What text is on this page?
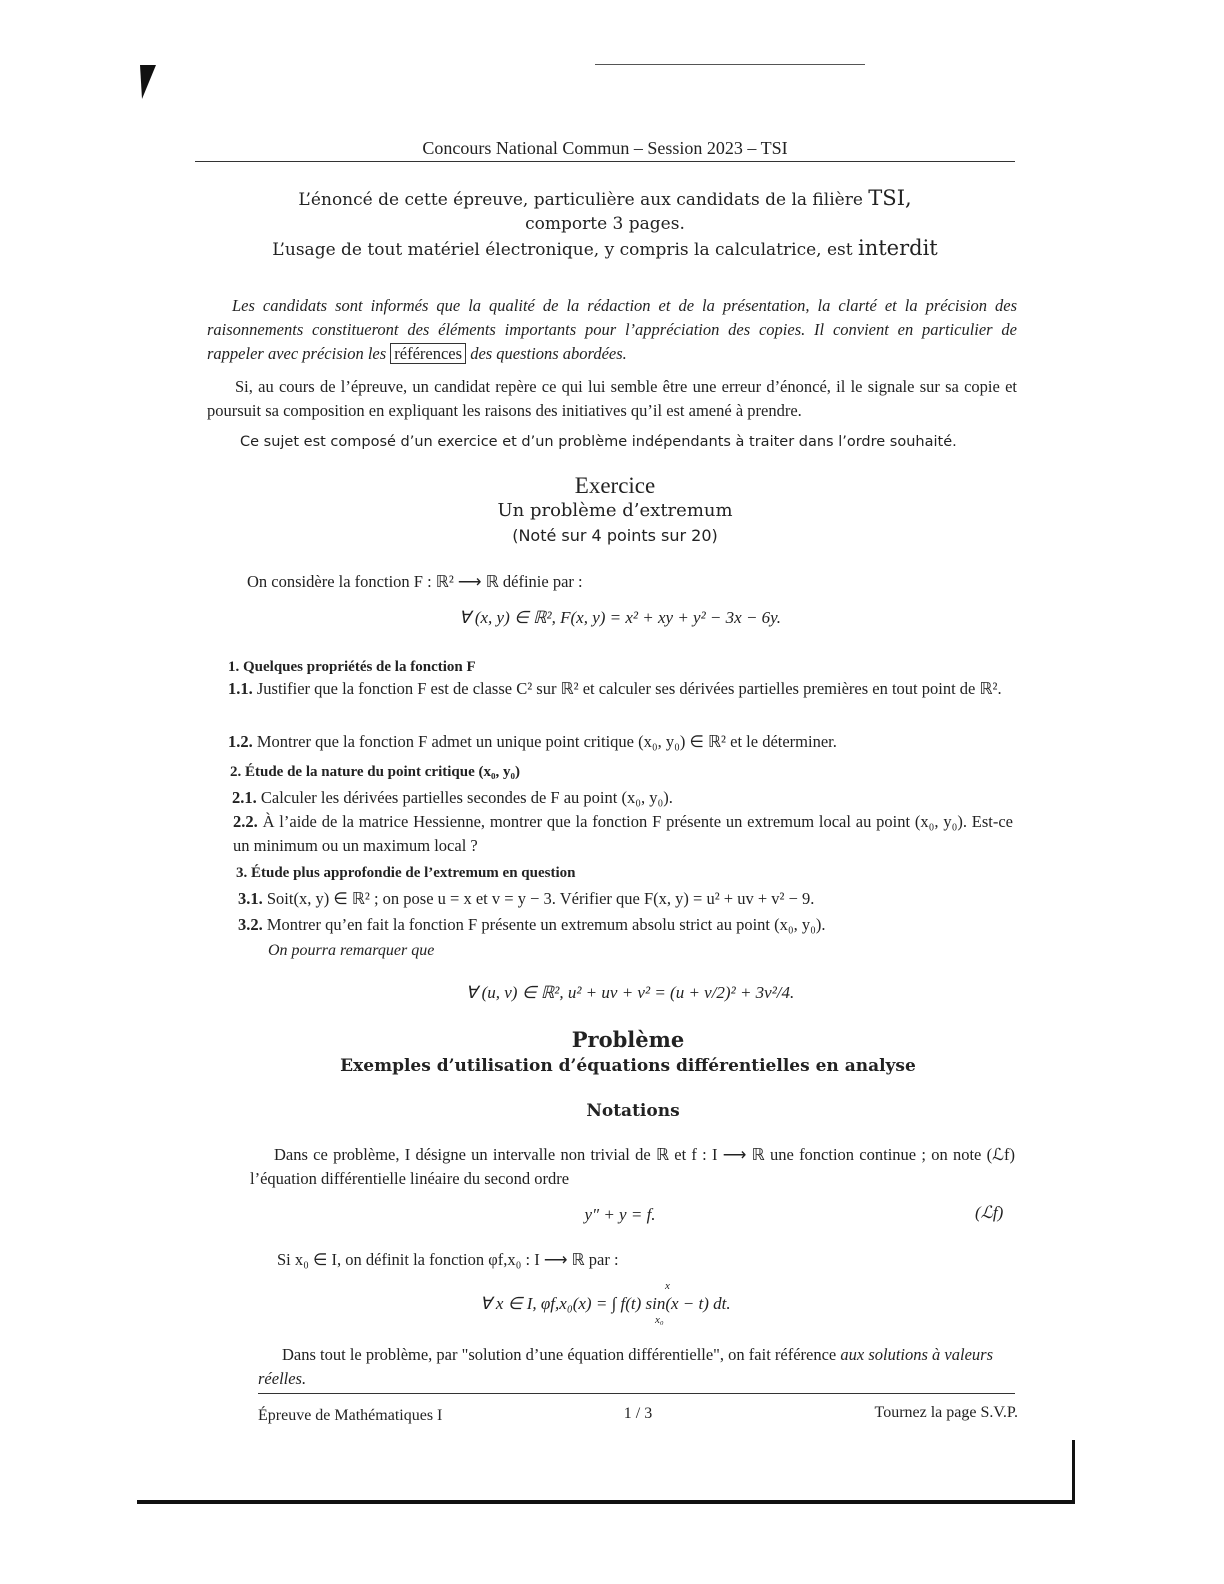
Concours National Commun – Session 2023 – TSI
L’énoncé de cette épreuve, particulière aux candidats de la filière TSI,
comporte 3 pages.
L’usage de tout matériel électronique, y compris la calculatrice, est interdit
Les candidats sont informés que la qualité de la rédaction et de la présentation, la clarté et la précision des raisonnements constitueront des éléments importants pour l’appréciation des copies. Il convient en particulier de rappeler avec précision les références des questions abordées.
Si, au cours de l’épreuve, un candidat repère ce qui lui semble être une erreur d’énoncé, il le signale sur sa copie et poursuit sa composition en expliquant les raisons des initiatives qu’il est amené à prendre.
Ce sujet est composé d’un exercice et d’un problème indépendants à traiter dans l’ordre souhaité.
Exercice
Un problème d’extremum
(Noté sur 4 points sur 20)
On considère la fonction F : ℝ² ⟶ ℝ définie par :
∀ (x, y) ∈ ℝ², F(x, y) = x² + xy + y² − 3x − 6y.
1. Quelques propriétés de la fonction F
1.1. Justifier que la fonction F est de classe C² sur ℝ² et calculer ses dérivées partielles premières en tout point de ℝ².
1.2. Montrer que la fonction F admet un unique point critique (x₀, y₀) ∈ ℝ² et le déterminer.
2. Étude de la nature du point critique (x₀, y₀)
2.1. Calculer les dérivées partielles secondes de F au point (x₀, y₀).
2.2. À l’aide de la matrice Hessienne, montrer que la fonction F présente un extremum local au point (x₀, y₀). Est-ce un minimum ou un maximum local ?
3. Étude plus approfondie de l’extremum en question
3.1. Soit(x, y) ∈ ℝ² ; on pose u = x et v = y − 3. Vérifier que F(x, y) = u² + uv + v² − 9.
3.2. Montrer qu’en fait la fonction F présente un extremum absolu strict au point (x₀, y₀).
On pourra remarquer que
∀ (u, v) ∈ ℝ², u² + uv + v² = (u + v/2)² + 3v²/4.
Problème
Exemples d’utilisation d’équations différentielles en analyse
Notations
Dans ce problème, I désigne un intervalle non trivial de ℝ et f : I ⟶ ℝ une fonction continue ; on note (ℒf) l’équation différentielle linéaire du second ordre
y″ + y = f.	(ℒf)
Si x₀ ∈ I, on définit la fonction φf,x₀ : I ⟶ ℝ par :
∀ x ∈ I, φf,x₀(x) = ∫ f(t) sin(x − t) dt.
x
x₀
Dans tout le problème, par "solution d’une équation différentielle", on fait référence aux solutions à valeurs réelles.
Épreuve de Mathématiques I	1 / 3	Tournez la page S.V.P.
